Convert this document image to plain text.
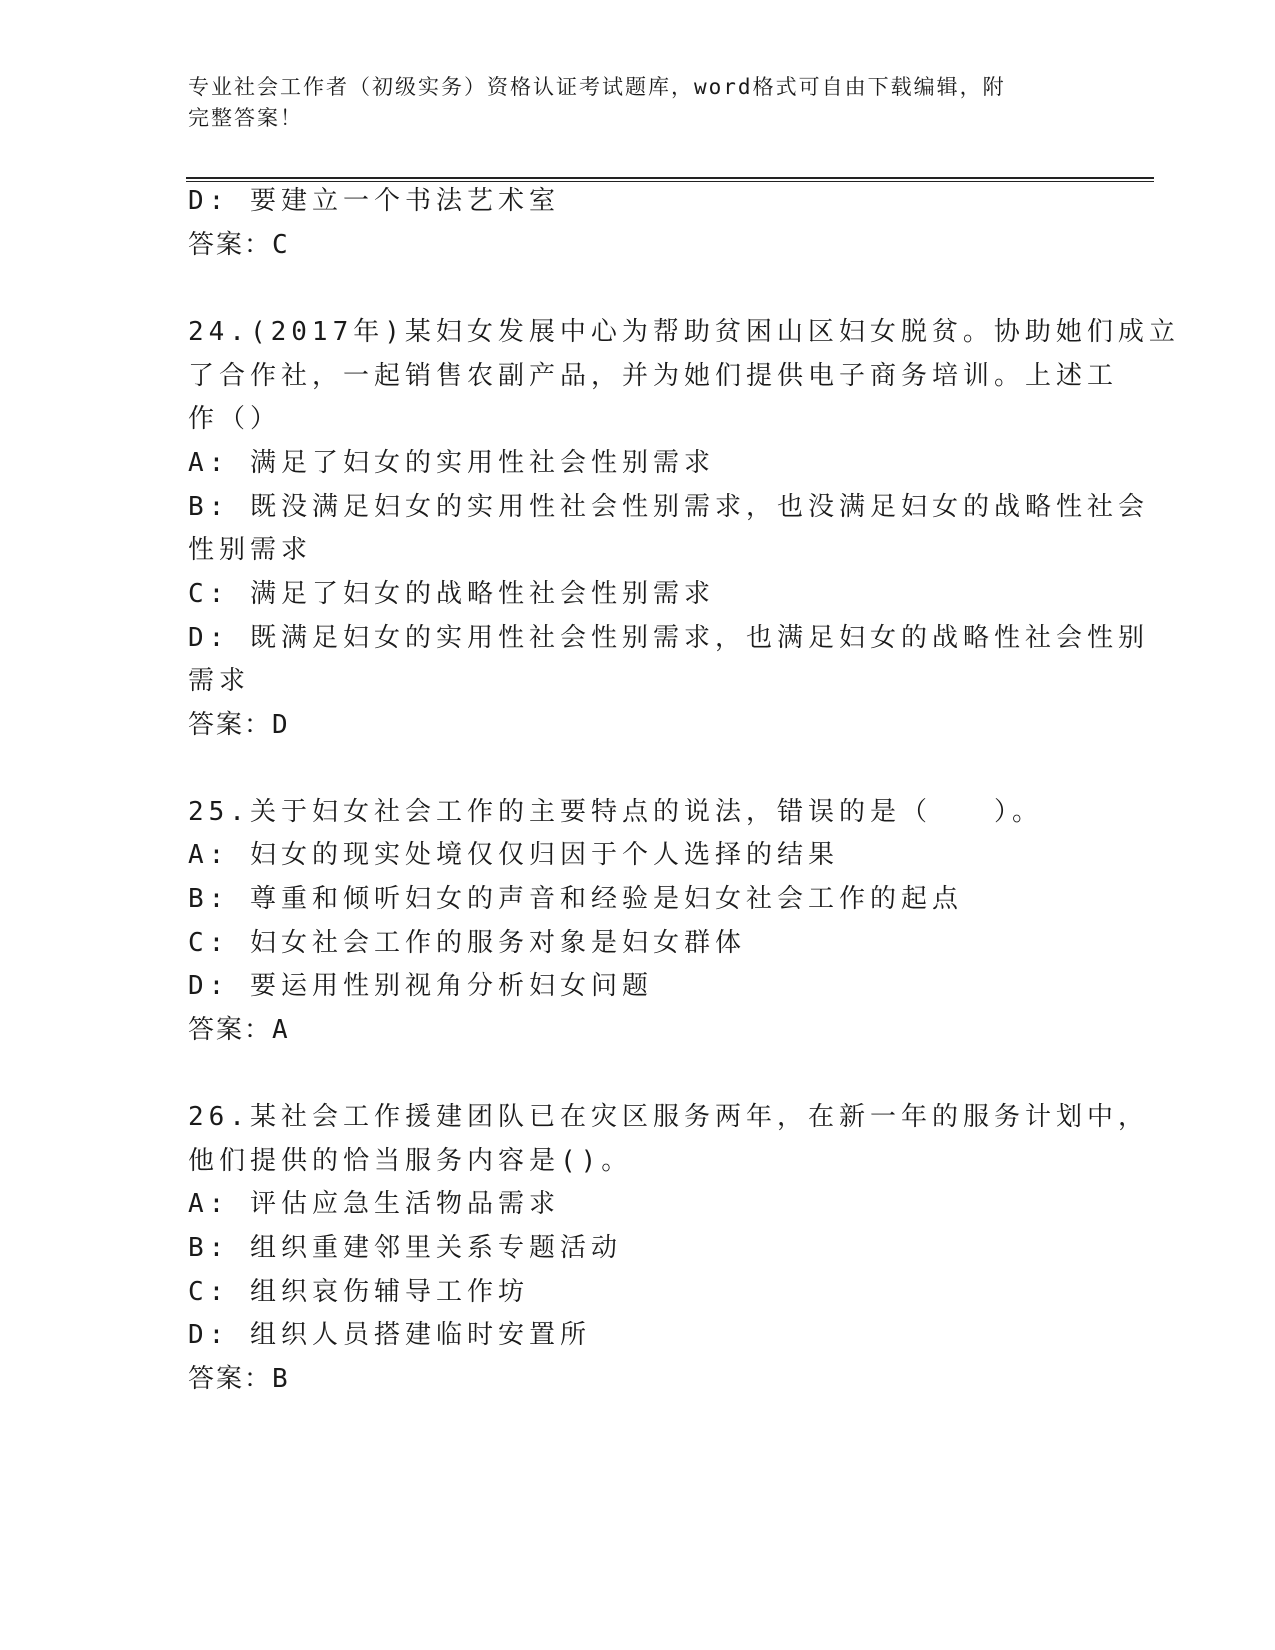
专业社会工作者（初级实务）资格认证考试题库，word格式可自由下载编辑，附
完整答案！
D: 要建立一个书法艺术室
答案：C
24.(2017年)某妇女发展中心为帮助贫困山区妇女脱贫。协助她们成立
了合作社，一起销售农副产品，并为她们提供电子商务培训。上述工
作（）
A: 满足了妇女的实用性社会性别需求
B: 既没满足妇女的实用性社会性别需求，也没满足妇女的战略性社会
性别需求
C: 满足了妇女的战略性社会性别需求
D: 既满足妇女的实用性社会性别需求，也满足妇女的战略性社会性别
需求
答案：D
25.关于妇女社会工作的主要特点的说法，错误的是（　　）。
A: 妇女的现实处境仅仅归因于个人选择的结果
B: 尊重和倾听妇女的声音和经验是妇女社会工作的起点
C: 妇女社会工作的服务对象是妇女群体
D: 要运用性别视角分析妇女问题
答案：A
26.某社会工作援建团队已在灾区服务两年，在新一年的服务计划中，
他们提供的恰当服务内容是()。
A: 评估应急生活物品需求
B: 组织重建邻里关系专题活动
C: 组织哀伤辅导工作坊
D: 组织人员搭建临时安置所
答案：B
